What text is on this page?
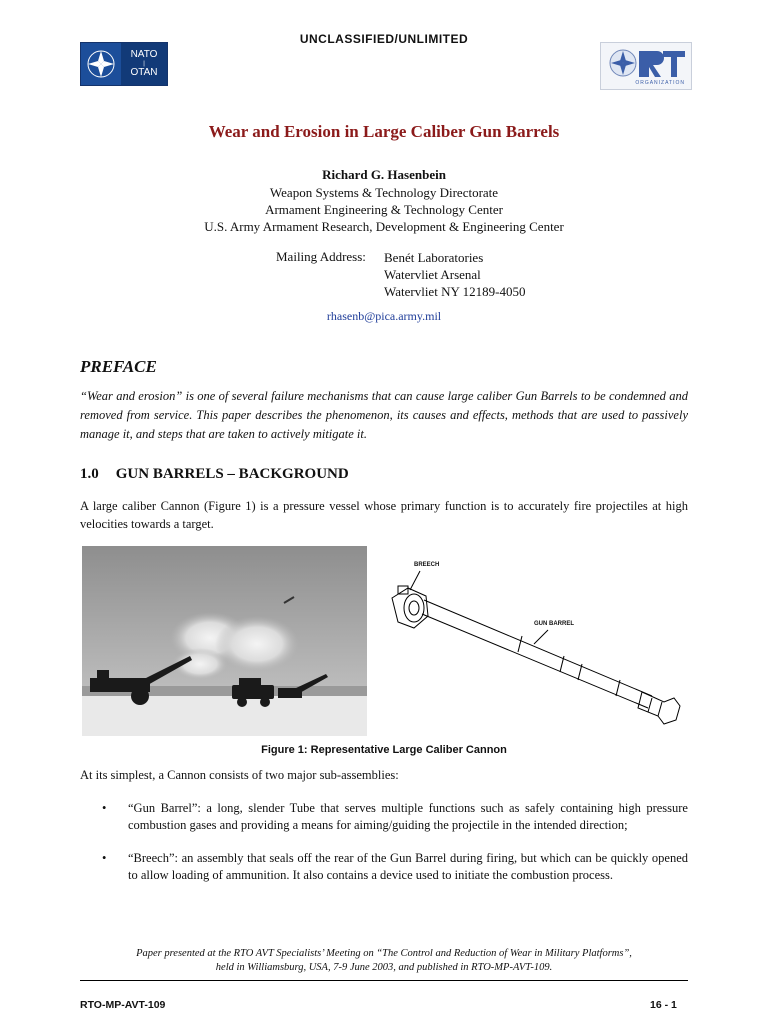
UNCLASSIFIED/UNLIMITED
NATO
|
OTAN
ORGANIZATION
Wear and Erosion in Large Caliber Gun Barrels
Richard G. Hasenbein
Weapon Systems & Technology Directorate
Armament Engineering & Technology Center
U.S. Army Armament Research, Development & Engineering Center
Mailing Address: Benét Laboratories
Watervliet Arsenal
Watervliet NY 12189-4050
rhasenb@pica.army.mil
PREFACE
“Wear and erosion” is one of several failure mechanisms that can cause large caliber Gun Barrels to be condemned and removed from service. This paper describes the phenomenon, its causes and effects, methods that are used to passively manage it, and steps that are taken to actively mitigate it.
1.0 GUN BARRELS – BACKGROUND
A large caliber Cannon (Figure 1) is a pressure vessel whose primary function is to accurately fire projectiles at high velocities towards a target.
BREECH
GUN BARREL
Figure 1: Representative Large Caliber Cannon
At its simplest, a Cannon consists of two major sub-assemblies:
• “Gun Barrel”: a long, slender Tube that serves multiple functions such as safely containing high pressure combustion gases and providing a means for aiming/guiding the projectile in the intended direction;
• “Breech”: an assembly that seals off the rear of the Gun Barrel during firing, but which can be quickly opened to allow loading of ammunition. It also contains a device used to initiate the combustion process.
Paper presented at the RTO AVT Specialists’ Meeting on “The Control and Reduction of Wear in Military Platforms”,
held in Williamsburg, USA, 7-9 June 2003, and published in RTO-MP-AVT-109.
RTO-MP-AVT-109	16 - 1
